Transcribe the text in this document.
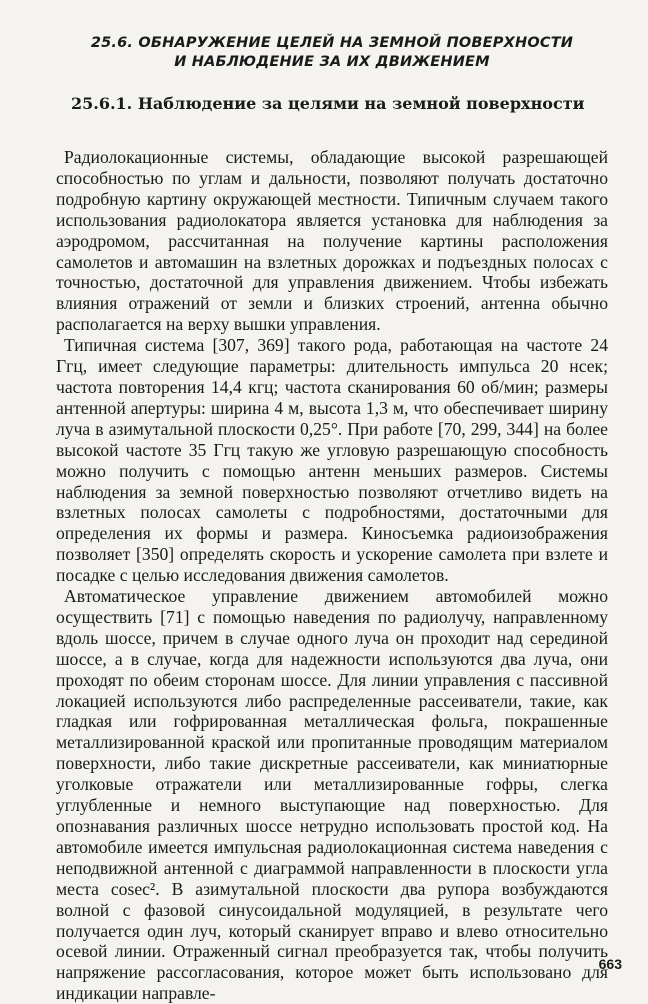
25.6. ОБНАРУЖЕНИЕ ЦЕЛЕЙ НА ЗЕМНОЙ ПОВЕРХНОСТИ
И НАБЛЮДЕНИЕ ЗА ИХ ДВИЖЕНИЕМ
25.6.1. Наблюдение за целями на земной поверхности

Радиолокационные системы, обладающие высокой разрешающей способностью по углам и дальности, позволяют получать достаточно подробную картину окружающей местности. Типичным случаем такого использования радиолокатора является установка для наблюдения за аэродромом, рассчитанная на получение картины расположения самолетов и автомашин на взлетных дорожках и подъездных полосах с точностью, достаточной для управления движением. Чтобы избежать влияния отражений от земли и близких строений, антенна обычно располагается на верху вышки управления.

Типичная система [307, 369] такого рода, работающая на частоте 24 Ггц, имеет следующие параметры: длительность импульса 20 нсек; частота повторения 14,4 кгц; частота сканирования 60 об/мин; размеры антенной апертуры: ширина 4 м, высота 1,3 м, что обеспечивает ширину луча в азимутальной плоскости 0,25°. При работе [70, 299, 344] на более высокой частоте 35 Ггц такую же угловую разрешающую способность можно получить с помощью антенн меньших размеров. Системы наблюдения за земной поверхностью позволяют отчетливо видеть на взлетных полосах самолеты с подробностями, достаточными для определения их формы и размера. Киносъемка радиоизображения позволяет [350] определять скорость и ускорение самолета при взлете и посадке с целью исследования движения самолетов.

Автоматическое управление движением автомобилей можно осуществить [71] с помощью наведения по радиолучу, направленному вдоль шоссе, причем в случае одного луча он проходит над серединой шоссе, а в случае, когда для надежности используются два луча, они проходят по обеим сторонам шоссе. Для линии управления с пассивной локацией используются либо распределенные рассеиватели, такие, как гладкая или гофрированная металлическая фольга, покрашенные металлизированной краской или пропитанные проводящим материалом поверхности, либо такие дискретные рассеиватели, как миниатюрные уголковые отражатели или металлизированные гофры, слегка углубленные и немного выступающие над поверхностью. Для опознавания различных шоссе нетрудно использовать простой код. На автомобиле имеется импульсная радиолокационная система наведения с неподвижной антенной с диаграммой направленности в плоскости угла места cosec². В азимутальной плоскости два рупора возбуждаются волной с фазовой синусоидальной модуляцией, в результате чего получается один луч, который сканирует вправо и влево относительно осевой линии. Отраженный сигнал преобразуется так, чтобы получить напряжение рассогласования, которое может быть использовано для индикации направле-

663
